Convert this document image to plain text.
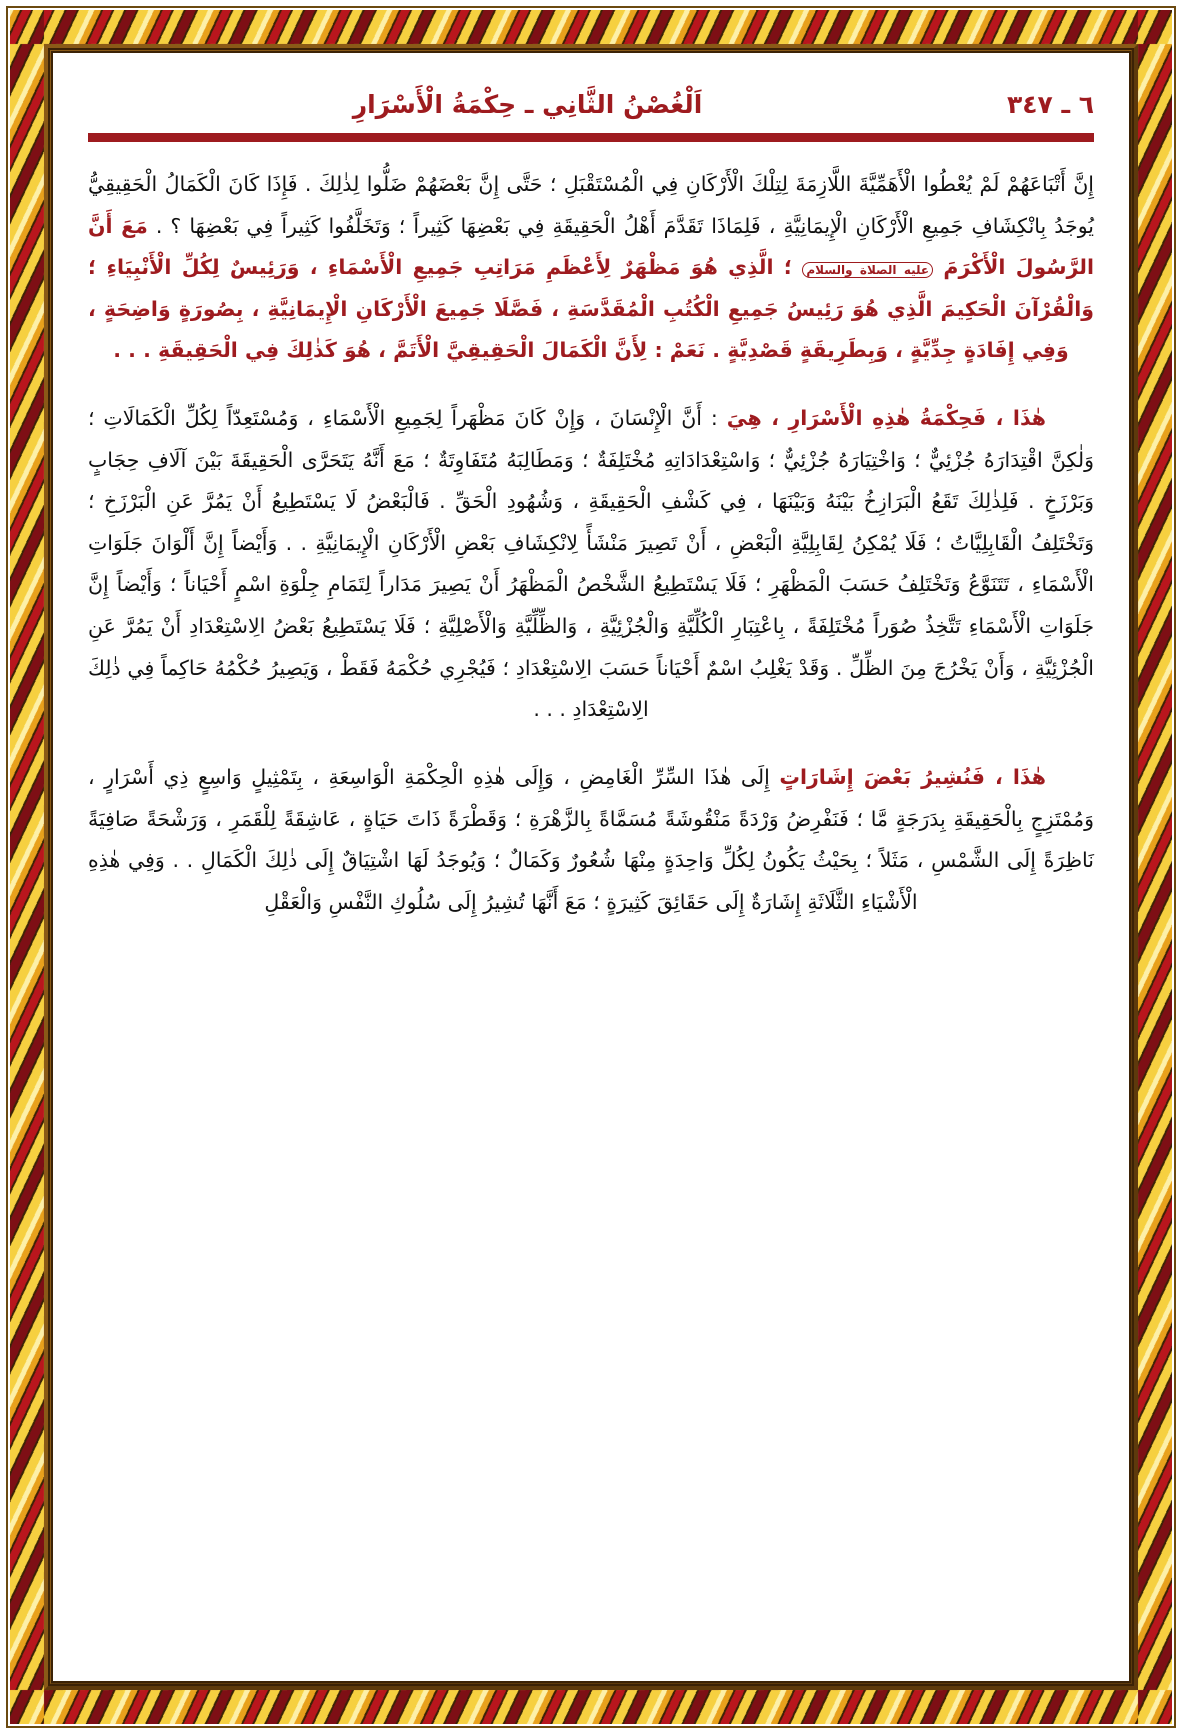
اَلْغُصْنُ الثَّانِي ـ حِكْمَةُ الْأَسْرَارِ	٦ ـ ٣٤٧

إِنَّ أَتْبَاعَهُمْ لَمْ يُعْطُوا الْأَهَمِّيَّةَ اللَّازِمَةَ لِتِلْكَ الْأَرْكَانِ فِي الْمُسْتَقْبَلِ ؛ حَتَّى إِنَّ بَعْضَهُمْ ضَلُّوا لِذٰلِكَ . فَإِذَا كَانَ الْكَمَالُ الْحَقِيقِيُّ يُوجَدُ بِانْكِشَافِ جَمِيعِ الْأَرْكَانِ الْإِيمَانِيَّةِ ، فَلِمَاذَا تَقَدَّمَ أَهْلُ الْحَقِيقَةِ فِي بَعْضِهَا كَثِيراً ؛ وَتَخَلَّفُوا كَثِيراً فِي بَعْضِهَا ؟ . مَعَ أَنَّ الرَّسُولَ الْأَكْرَمَ عليه الصلاة والسلام ؛ الَّذِي هُوَ مَظْهَرٌ لِأَعْظَمِ مَرَاتِبِ جَمِيعِ الْأَسْمَاءِ ، وَرَئِيسٌ لِكُلِّ الْأَنْبِيَاءِ ؛ وَالْقُرْآنَ الْحَكِيمَ الَّذِي هُوَ رَئِيسُ جَمِيعِ الْكُتُبِ الْمُقَدَّسَةِ ، فَصَّلَا جَمِيعَ الْأَرْكَانِ الْإِيمَانِيَّةِ ، بِصُورَةٍ وَاضِحَةٍ ، وَفِي إِفَادَةٍ جِدِّيَّةٍ ، وَبِطَرِيقَةٍ قَصْدِيَّةٍ . نَعَمْ : لِأَنَّ الْكَمَالَ الْحَقِيقِيَّ الْأَتَمَّ ، هُوَ كَذٰلِكَ فِي الْحَقِيقَةِ . . .

هٰذَا ، فَحِكْمَةُ هٰذِهِ الْأَسْرَارِ ، هِيَ : أَنَّ الْإِنْسَانَ ، وَإِنْ كَانَ مَظْهَراً لِجَمِيعِ الْأَسْمَاءِ ، وَمُسْتَعِدّاً لِكُلِّ الْكَمَالَاتِ ؛ وَلٰكِنَّ اقْتِدَارَهُ جُزْئِيٌّ ؛ وَاخْتِيَارَهُ جُزْئِيٌّ ؛ وَاسْتِعْدَادَاتِهِ مُخْتَلِفَةٌ ؛ وَمَطَالِبَهُ مُتَفَاوِتَةٌ ؛ مَعَ أَنَّهُ يَتَحَرَّى الْحَقِيقَةَ بَيْنَ آلَافِ حِجَابٍ وَبَرْزَخٍ . فَلِذٰلِكَ تَقَعُ الْبَرَازِخُ بَيْنَهُ وَبَيْنَهَا ، فِي كَشْفِ الْحَقِيقَةِ ، وَشُهُودِ الْحَقِّ . فَالْبَعْضُ لَا يَسْتَطِيعُ أَنْ يَمُرَّ عَنِ الْبَرْزَخِ ؛ وَتَخْتَلِفُ الْقَابِلِيَّاتُ ؛ فَلَا يُمْكِنُ لِقَابِلِيَّةِ الْبَعْضِ ، أَنْ تَصِيرَ مَنْشَأً لِانْكِشَافِ بَعْضِ الْأَرْكَانِ الْإِيمَانِيَّةِ . . وَأَيْضاً إِنَّ أَلْوَانَ جَلَوَاتِ الْأَسْمَاءِ ، تَتَنَوَّعُ وَتَخْتَلِفُ حَسَبَ الْمَظْهَرِ ؛ فَلَا يَسْتَطِيعُ الشَّخْصُ الْمَظْهَرُ أَنْ يَصِيرَ مَدَاراً لِتَمَامِ جِلْوَةِ اسْمٍ أَحْيَاناً ؛ وَأَيْضاً إِنَّ جَلَوَاتِ الْأَسْمَاءِ تَتَّخِذُ صُوَراً مُخْتَلِفَةً ، بِاعْتِبَارِ الْكُلِّيَّةِ وَالْجُزْئِيَّةِ ، وَالظِّلِّيَّةِ وَالْأَصْلِيَّةِ ؛ فَلَا يَسْتَطِيعُ بَعْضُ الِاسْتِعْدَادِ أَنْ يَمُرَّ عَنِ الْجُزْئِيَّةِ ، وَأَنْ يَخْرُجَ مِنَ الظِّلِّ . وَقَدْ يَغْلِبُ اسْمٌ أَحْيَاناً حَسَبَ الِاسْتِعْدَادِ ؛ فَيُجْرِي حُكْمَهُ فَقَطْ ، وَيَصِيرُ حُكْمُهُ حَاكِماً فِي ذٰلِكَ الِاسْتِعْدَادِ . . .

هٰذَا ، فَنُشِيرُ بَعْضَ إِشَارَاتٍ إِلَى هٰذَا السِّرِّ الْغَامِضِ ، وَإِلَى هٰذِهِ الْحِكْمَةِ الْوَاسِعَةِ ، بِتَمْثِيلٍ وَاسِعٍ ذِي أَسْرَارٍ ، وَمُمْتَزِجٍ بِالْحَقِيقَةِ بِدَرَجَةٍ مَّا ؛ فَنَفْرِضُ وَرْدَةً مَنْقُوشَةً مُسَمَّاةً بِالزَّهْرَةِ ؛ وَقَطْرَةً ذَاتَ حَيَاةٍ ، عَاشِقَةً لِلْقَمَرِ ، وَرَشْحَةً صَافِيَةً نَاظِرَةً إِلَى الشَّمْسِ ، مَثَلاً ؛ بِحَيْثُ يَكُونُ لِكُلِّ وَاحِدَةٍ مِنْهَا شُعُورٌ وَكَمَالٌ ؛ وَيُوجَدُ لَهَا اشْتِيَاقٌ إِلَى ذٰلِكَ الْكَمَالِ . . وَفِي هٰذِهِ الْأَشْيَاءِ الثَّلَاثَةِ إِشَارَةٌ إِلَى حَقَائِقَ كَثِيرَةٍ ؛ مَعَ أَنَّهَا تُشِيرُ إِلَى سُلُوكِ النَّفْسِ وَالْعَقْلِ
